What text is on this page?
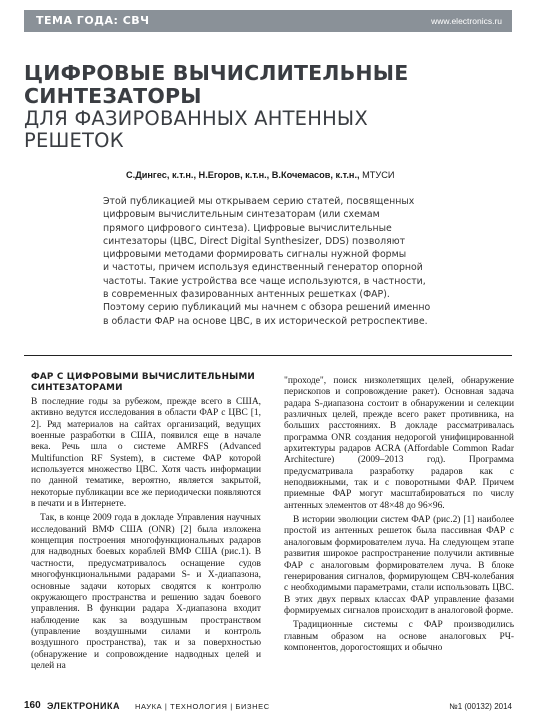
ТЕМА ГОДА: СВЧ	www.electronics.ru
ЦИФРОВЫЕ ВЫЧИСЛИТЕЛЬНЫЕ
СИНТЕЗАТОРЫ
ДЛЯ ФАЗИРОВАННЫХ АНТЕННЫХ
РЕШЕТОК
С.Дингес, к.т.н., Н.Егоров, к.т.н., В.Кочемасов, к.т.н., МТУСИ

Этой публикацией мы открываем серию статей, посвященных

цифровым вычислительным синтезаторам (или схемам

прямого цифрового синтеза). Цифровые вычислительные

синтезаторы (ЦВС, Direct Digital Synthesizer, DDS) позволяют

цифровыми методами формировать сигналы нужной формы

и частоты, причем используя единственный генератор опорной

частоты. Такие устройства все чаще используются, в частности,

в современных фазированных антенных решетках (ФАР).

Поэтому серию публикаций мы начнем с обзора решений именно

в области ФАР на основе ЦВС, в их исторической ретроспективе.

ФАР С ЦИФРОВЫМИ ВЫЧИСЛИТЕЛЬНЫМИ
СИНТЕЗАТОРАМИ

В последние годы за рубежом, прежде всего в США, активно ведутся исследования в области ФАР с ЦВС [1, 2]. Ряд материалов на сайтах организаций, ведущих военные разработки в США, появился еще в начале века. Речь шла о системе AMRFS (Advanced Multifunction RF System), в системе ФАР которой используется множество ЦВС. Хотя часть информации по данной тематике, вероятно, является закрытой, некоторые публикации все же периодически появляются в печати и в Интернете.

Так, в конце 2009 года в докладе Управления научных исследований ВМФ США (ONR) [2] была изложена концепция построения многофункциональных радаров для надводных боевых кораблей ВМФ США (рис.1). В частности, предусматривалось оснащение судов многофункциональными радарами S- и X-диапазона, основные задачи которых сводятся к контролю окружающего пространства и решению задач боевого управления. В функции радара X-диапазона входит наблюдение как за воздушным пространством (управление воздушными силами и контроль воздушного пространства), так и за поверхностью (обнаружение и сопровождение надводных целей и целей на

"проходе", поиск низколетящих целей, обнаружение перископов и сопровождение ракет). Основная задача радара S-диапазона состоит в обнаружении и селекции различных целей, прежде всего ракет противника, на больших расстояниях. В докладе рассматривалась программа ONR создания недорогой унифицированной архитектуры радаров ACRA (Affordable Common Radar Architecture) (2009–2013 год). Программа предусматривала разработку радаров как с неподвижными, так и с поворотными ФАР. Причем приемные ФАР могут масштабироваться по числу антенных элементов от 48×48 до 96×96.

В истории эволюции систем ФАР (рис.2) [1] наиболее простой из антенных решеток была пассивная ФАР с аналоговым формирователем луча. На следующем этапе развития широкое распространение получили активные ФАР с аналоговым формирователем луча. В блоке генерирования сигналов, формирующем СВЧ-колебания с необходимыми параметрами, стали использовать ЦВС. В этих двух первых классах ФАР управление фазами формируемых сигналов происходит в аналоговой форме.

Традиционные системы с ФАР производились главным образом на основе аналоговых РЧ-компонентов, дорогостоящих и обычно

160 ЭЛЕКТРОНИКА НАУКА | ТЕХНОЛОГИЯ | БИЗНЕС	№1 (00132) 2014
